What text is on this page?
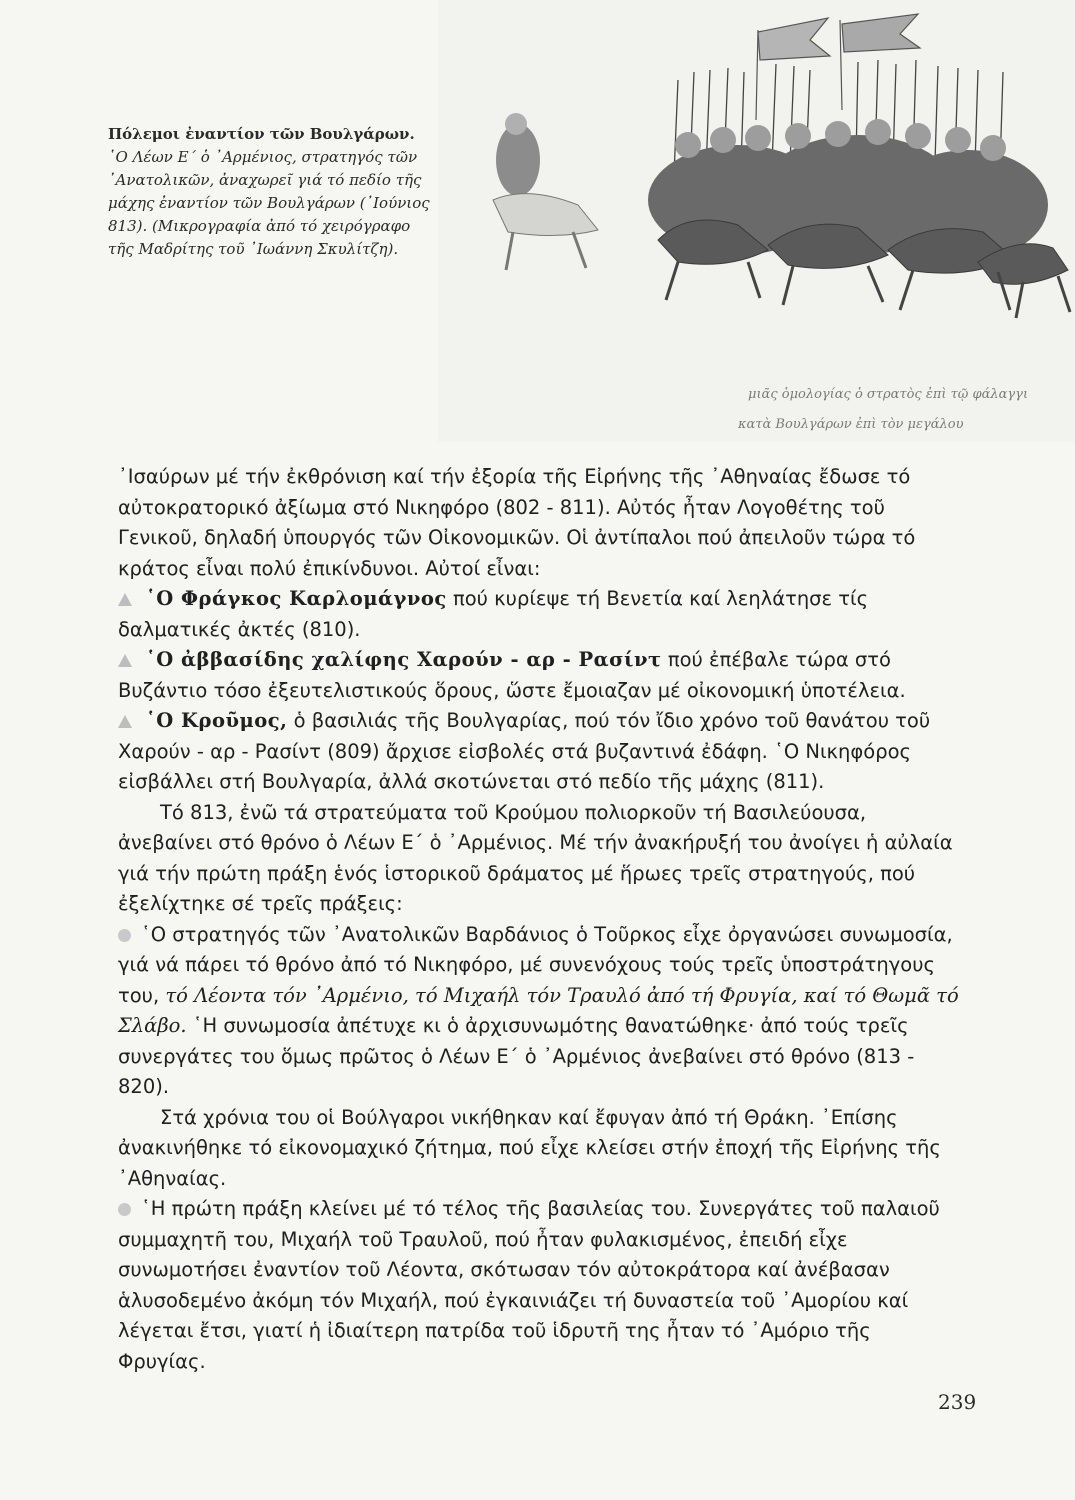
Πόλεμοι ἐναντίον τῶν Βουλγάρων.
῾Ο Λέων Ε΄ ὁ ᾿Αρμένιος, στρατηγός τῶν ᾿Ανατολικῶν, ἀναχωρεῖ γιά τό πεδίο τῆς μάχης ἐναντίον τῶν Βουλγάρων (᾿Ιούνιος 813). (Μικρογραφία ἀπό τό χειρόγραφο τῆς Μαδρίτης τοῦ ᾿Ιωάννη Σκυλίτζη).
μιᾶς ὁμολογίας ὁ στρατὸς ἐπὶ τῷ φάλαγγι
κατὰ Βουλγάρων ἐπὶ τὸν μεγάλου

᾿Ισαύρων μέ τήν ἐκθρόνιση καί τήν ἐξορία τῆς Εἰρήνης τῆς ᾿Αθηναίας ἔδωσε τό αὐτοκρατορικό ἀξίωμα στό Νικηφόρο (802 - 811). Αὐτός ἦταν Λογοθέτης τοῦ Γενικοῦ, δηλαδή ὑπουργός τῶν Οἰκονομικῶν. Οἱ ἀντίπαλοι πού ἀπειλοῦν τώρα τό κράτος εἶναι πολύ ἐπικίνδυνοι. Αὐτοί εἶναι:

῾Ο Φράγκος Καρλομάγνος πού κυρίεψε τή Βενετία καί λεηλάτησε τίς δαλματικές ἀκτές (810).

῾Ο ἀββασίδης χαλίφης Χαρούν - αρ - Ρασίντ πού ἐπέβαλε τώρα στό Βυζάντιο τόσο ἐξευτελιστικούς ὅρους, ὥστε ἔμοιαζαν μέ οἰκονομική ὑποτέλεια.

῾Ο Κροῦμος, ὁ βασιλιάς τῆς Βουλγαρίας, πού τόν ἴδιο χρόνο τοῦ θανάτου τοῦ Χαρούν - αρ - Ρασίντ (809) ἄρχισε εἰσβολές στά βυζαντινά ἐδάφη. ῾Ο Νικηφόρος εἰσβάλλει στή Βουλγαρία, ἀλλά σκοτώνεται στό πεδίο τῆς μάχης (811).

Τό 813, ἐνῶ τά στρατεύματα τοῦ Κρούμου πολιορκοῦν τή Βασιλεύουσα, ἀνεβαίνει στό θρόνο ὁ Λέων Ε΄ ὁ ᾿Αρμένιος. Μέ τήν ἀνακήρυξή του ἀνοίγει ἡ αὐλαία γιά τήν πρώτη πράξη ἑνός ἱστορικοῦ δράματος μέ ἥρωες τρεῖς στρατηγούς, πού ἐξελίχτηκε σέ τρεῖς πράξεις:

῾Ο στρατηγός τῶν ᾿Ανατολικῶν Βαρδάνιος ὁ Τοῦρκος εἶχε ὀργανώσει συνωμοσία, γιά νά πάρει τό θρόνο ἀπό τό Νικηφόρο, μέ συνενόχους τούς τρεῖς ὑποστράτηγους του, τό Λέοντα τόν ᾿Αρμένιο, τό Μιχαήλ τόν Τραυλό ἀπό τή Φρυγία, καί τό Θωμᾶ τό Σλάβο. ῾Η συνωμοσία ἀπέτυχε κι ὁ ἀρχισυνωμότης θανατώθηκε· ἀπό τούς τρεῖς συνεργάτες του ὅμως πρῶτος ὁ Λέων Ε΄ ὁ ᾿Αρμένιος ἀνεβαίνει στό θρόνο (813 - 820).

Στά χρόνια του οἱ Βούλγαροι νικήθηκαν καί ἔφυγαν ἀπό τή Θράκη. ᾿Επίσης ἀνακινήθηκε τό εἰκονομαχικό ζήτημα, πού εἶχε κλείσει στήν ἐποχή τῆς Εἰρήνης τῆς ᾿Αθηναίας.

῾Η πρώτη πράξη κλείνει μέ τό τέλος τῆς βασιλείας του. Συνεργάτες τοῦ παλαιοῦ συμμαχητῆ του, Μιχαήλ τοῦ Τραυλοῦ, πού ἦταν φυλακισμένος, ἐπειδή εἶχε συνωμοτήσει ἐναντίον τοῦ Λέοντα, σκότωσαν τόν αὐτοκράτορα καί ἀνέβασαν ἁλυσοδεμένο ἀκόμη τόν Μιχαήλ, πού ἐγκαινιάζει τή δυναστεία τοῦ ᾿Αμορίου καί λέγεται ἔτσι, γιατί ἡ ἰδιαίτερη πατρίδα τοῦ ἱδρυτῆ της ἦταν τό ᾿Αμόριο τῆς Φρυγίας.

239
